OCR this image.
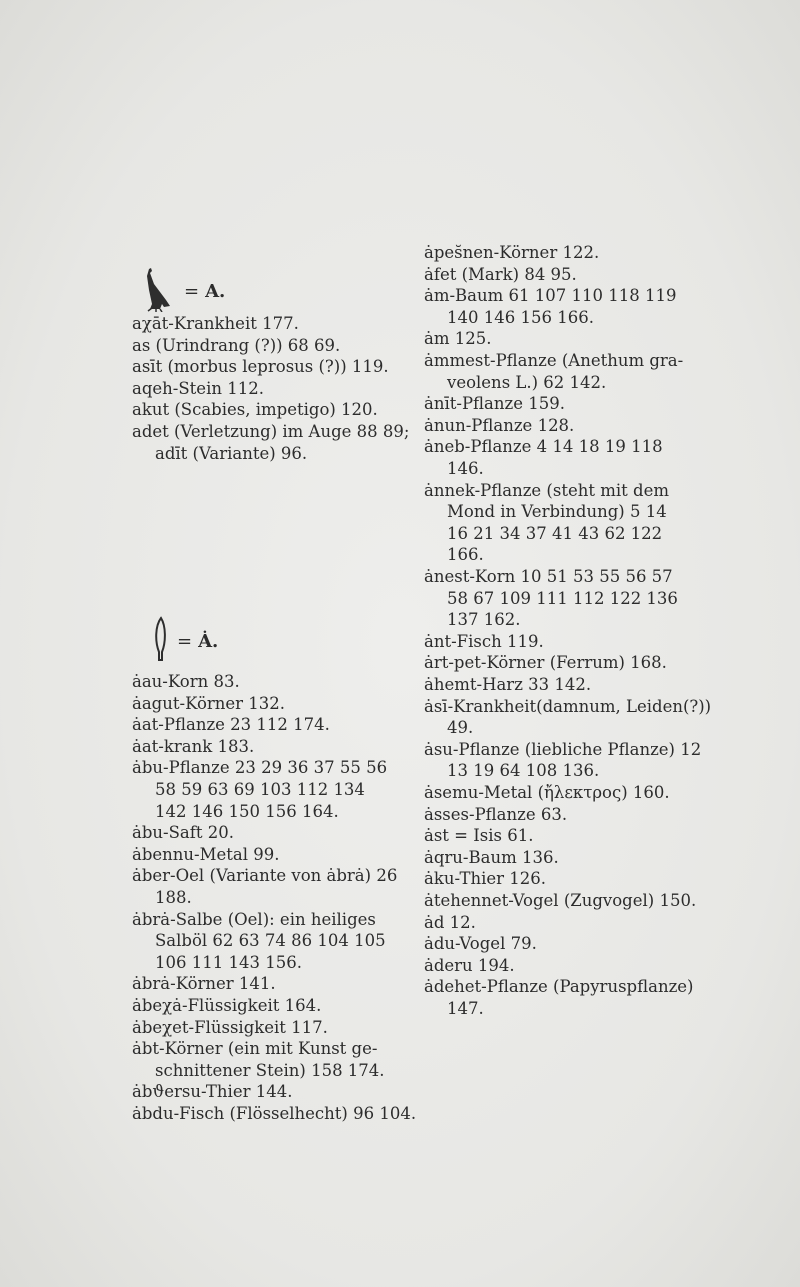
= A.
aχāt-Krankheit 177.
as (Urindrang (?)) 68 69.
asīt (morbus leprosus (?)) 119.
aqeh-Stein 112.
akut (Scabies, impetigo) 120.
adet (Verletzung) im Auge 88 89;
adīt (Variante) 96.
= Ȧ.
ȧau-Korn 83.
ȧagut-Körner 132.
ȧat-Pflanze 23 112 174.
ȧat-krank 183.
ȧbu-Pflanze 23 29 36 37 55 56
58 59 63 69 103 112 134
142 146 150 156 164.
ȧbu-Saft 20.
ȧbennu-Metal 99.
ȧber-Oel (Variante von ȧbrȧ) 26
188.
ȧbrȧ-Salbe (Oel): ein heiliges
Salböl 62 63 74 86 104 105
106 111 143 156.
ȧbrȧ-Körner 141.
ȧbeχȧ-Flüssigkeit 164.
ȧbeχet-Flüssigkeit 117.
ȧbt-Körner (ein mit Kunst ge-
schnittener Stein) 158 174.
ȧbϑersu-Thier 144.
ȧbdu-Fisch (Flösselhecht) 96 104.
ȧpes̆nen-Körner 122.
ȧfet (Mark) 84 95.
ȧm-Baum 61 107 110 118 119
140 146 156 166.
ȧm 125.
ȧmmest-Pflanze (Anethum gra-
veolens L.) 62 142.
ȧnīt-Pflanze 159.
ȧnun-Pflanze 128.
ȧneb-Pflanze 4 14 18 19 118
146.
ȧnnek-Pflanze (steht mit dem
Mond in Verbindung) 5 14
16 21 34 37 41 43 62 122
166.
ȧnest-Korn 10 51 53 55 56 57
58 67 109 111 112 122 136
137 162.
ȧnt-Fisch 119.
ȧrt-pet-Körner (Ferrum) 168.
ȧhemt-Harz 33 142.
ȧsī-Krankheit(damnum, Leiden(?))
49.
ȧsu-Pflanze (liebliche Pflanze) 12
13 19 64 108 136.
ȧsemu-Metal (ἤλεκτρος) 160.
ȧsses-Pflanze 63.
ȧst = Isis 61.
ȧqru-Baum 136.
ȧku-Thier 126.
ȧtehennet-Vogel (Zugvogel) 150.
ȧd 12.
ȧdu-Vogel 79.
ȧderu 194.
ȧdehet-Pflanze (Papyruspflanze)
147.
